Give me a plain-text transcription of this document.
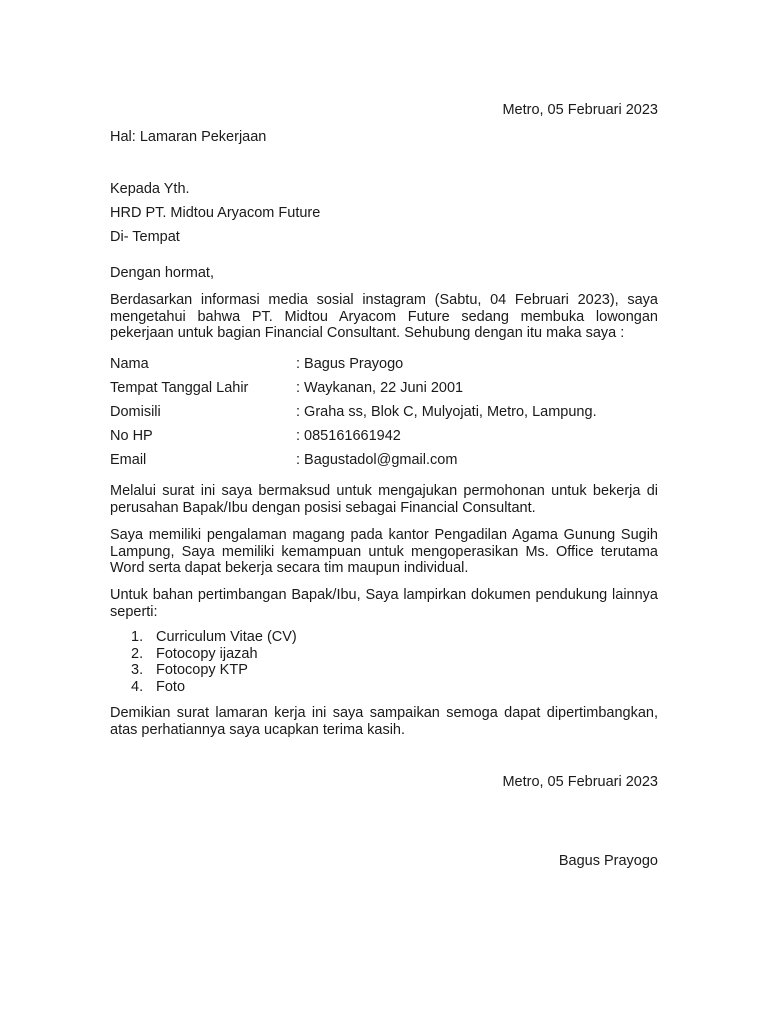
Metro, 05 Februari 2023
Hal: Lamaran Pekerjaan
Kepada Yth.
HRD PT. Midtou Aryacom Future
Di- Tempat
Dengan hormat,
Berdasarkan informasi media sosial instagram (Sabtu, 04 Februari 2023), saya mengetahui bahwa PT. Midtou Aryacom Future sedang membuka lowongan pekerjaan untuk bagian Financial Consultant. Sehubung dengan itu maka saya :
Nama	: Bagus Prayogo
Tempat Tanggal Lahir	: Waykanan, 22 Juni 2001
Domisili	: Graha ss, Blok C, Mulyojati, Metro, Lampung.
No HP	: 085161661942
Email	: Bagustadol@gmail.com
Melalui surat ini saya bermaksud untuk mengajukan permohonan untuk bekerja di perusahan Bapak/Ibu dengan posisi sebagai Financial Consultant.
Saya memiliki pengalaman magang pada kantor Pengadilan Agama Gunung Sugih Lampung, Saya memiliki kemampuan untuk mengoperasikan Ms. Office terutama Word serta dapat bekerja secara tim maupun individual.
Untuk bahan pertimbangan Bapak/Ibu, Saya lampirkan dokumen pendukung lainnya seperti:
1. Curriculum Vitae (CV)
2. Fotocopy ijazah
3. Fotocopy KTP
4. Foto
Demikian surat lamaran kerja ini saya sampaikan semoga dapat dipertimbangkan, atas perhatiannya saya ucapkan terima kasih.
Metro, 05 Februari 2023
Bagus Prayogo
